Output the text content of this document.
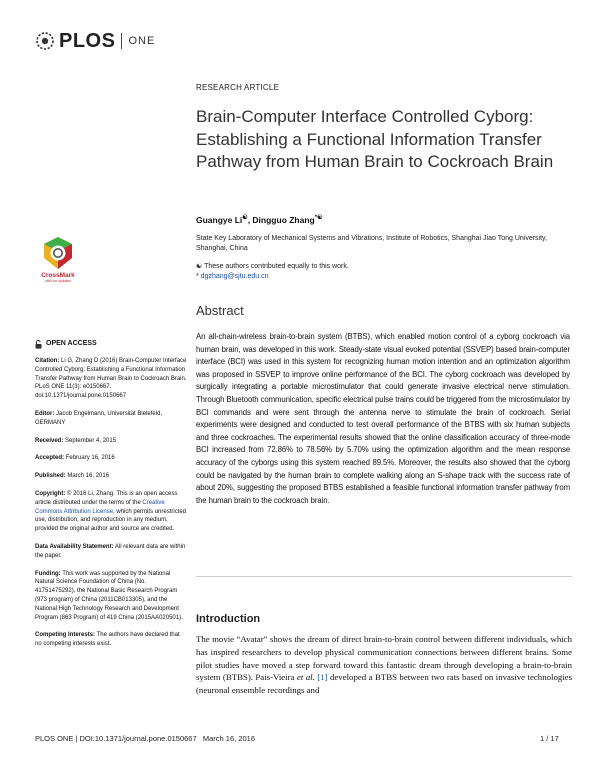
PLOS ONE
RESEARCH ARTICLE
Brain-Computer Interface Controlled Cyborg: Establishing a Functional Information Transfer Pathway from Human Brain to Cockroach Brain
Guangye Li☯, Dingguo Zhang*☯
State Key Laboratory of Mechanical Systems and Vibrations, Institute of Robotics, Shanghai Jiao Tong University, Shanghai, China
☯ These authors contributed equally to this work.
* dgzhang@sjtu.edu.cn
CrossMark
click for updates
OPEN ACCESS

Citation: Li G, Zhang D (2016) Brain-Computer Interface Controlled Cyborg: Establishing a Functional Information Transfer Pathway from Human Brain to Cockroach Brain. PLoS ONE 11(3): e0150667. doi:10.1371/journal.pone.0150667

Editor: Jacob Engelmann, Universität Bielefeld, GERMANY

Received: September 4, 2015

Accepted: February 16, 2016

Published: March 16, 2016

Copyright: © 2016 Li, Zhang. This is an open access article distributed under the terms of the Creative Commons Attribution License, which permits unrestricted use, distribution, and reproduction in any medium, provided the original author and source are credited.

Data Availability Statement: All relevant data are within the paper.

Funding: This work was supported by the National Natural Science Foundation of China (No. 41751475292), the National Basic Research Program (973 program) of China (2011CB013305), and the National High Technology Research and Development Program (863 Program) of 419 China (2015AA020501).

Competing Interests: The authors have declared that no competing interests exist.

Abstract

An all-chain-wireless brain-to-brain system (BTBS), which enabled motion control of a cyborg cockroach via human brain, was developed in this work. Steady-state visual evoked potential (SSVEP) based brain-computer interface (BCI) was used in this system for recognizing human motion intention and an optimization algorithm was proposed in SSVEP to improve online performance of the BCI. The cyborg cockroach was developed by surgically integrating a portable microstimulator that could generate invasive electrical nerve stimulation. Through Bluetooth communication, specific electrical pulse trains could be triggered from the microstimulator by BCI commands and were sent through the antenna nerve to stimulate the brain of cockroach. Serial experiments were designed and conducted to test overall performance of the BTBS with six human subjects and three cockroaches. The experimental results showed that the online classification accuracy of three-mode BCI increased from 72.86% to 78.56% by 5.70% using the optimization algorithm and the mean response accuracy of the cyborgs using this system reached 89.5%. Moreover, the results also showed that the cyborg could be navigated by the human brain to complete walking along an S-shape track with the success rate of about 20%, suggesting the proposed BTBS established a feasible functional information transfer pathway from the human brain to the cockroach brain.

Introduction

The movie “Avatar” shows the dream of direct brain-to-brain control between different individuals, which has inspired researchers to develop physical communication connections between different brains. Some pilot studies have moved a step forward toward this fantastic dream through developing a brain-to-brain system (BTBS). Pais-Vieira et al. [1] developed a BTBS between two rats based on invasive technologies (neuronal ensemble recordings and

PLOS ONE | DOI:10.1371/journal.pone.0150667   March 16, 2016	1 / 17
